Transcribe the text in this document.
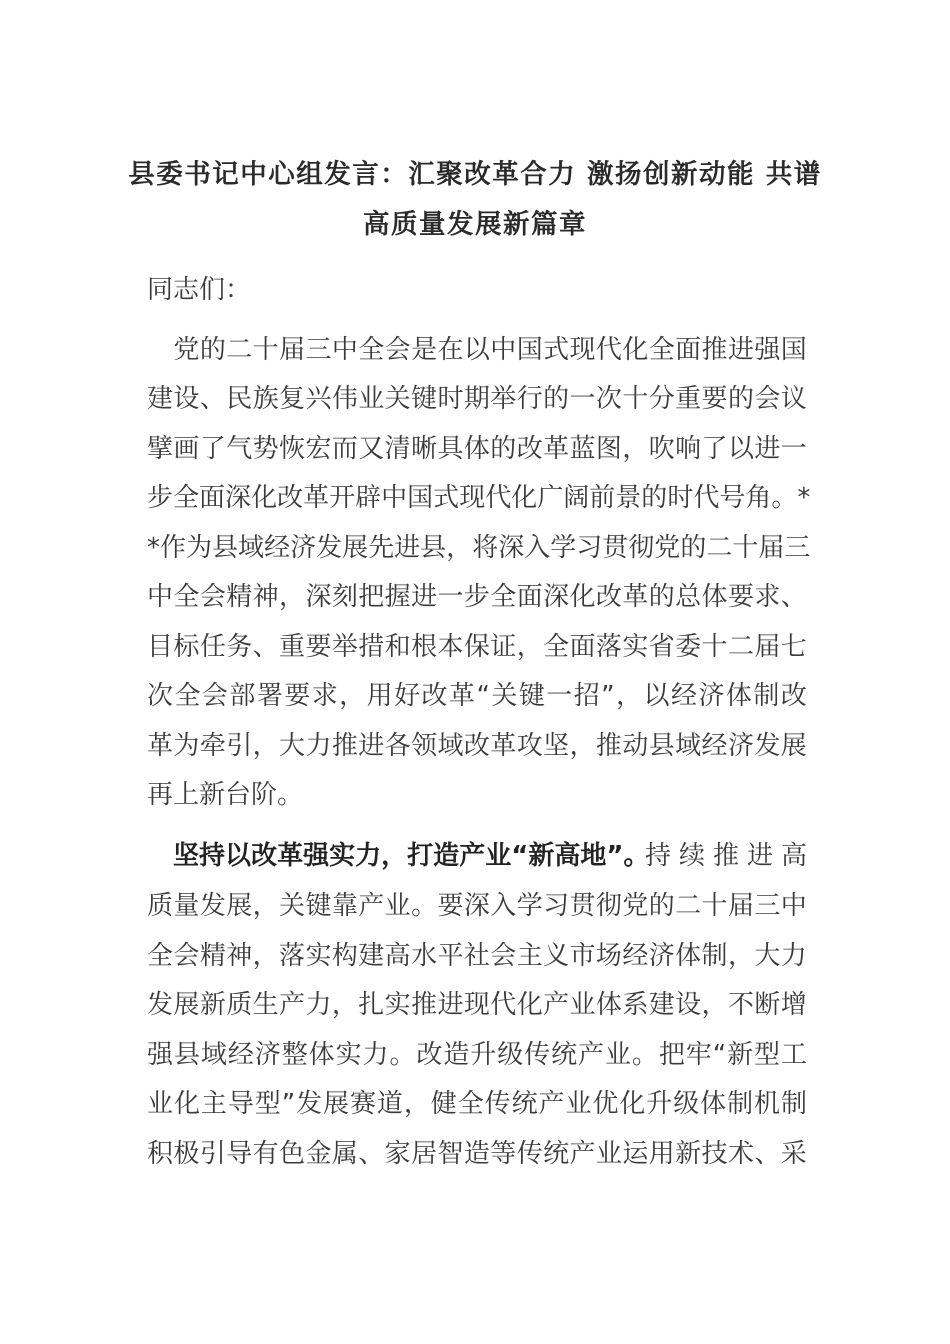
县委书记中心组发言：汇聚改革合力 激扬创新动能 共谱
高质量发展新篇章
同志们：

党 的 二 十 届 三 中 全 会 是 在 以 中 国 式 现 代 化 全 面 推 进 强 国
建 设 、 民 族 复 兴 伟 业 关 键 时 期 举 行 的 一 次 十 分 重 要 的 会 议
擘 画 了 气 势 恢 宏 而 又 清 晰 具 体 的 改 革 蓝 图 ， 吹 响 了 以 进 一
步 全 面 深 化 改 革 开 辟 中 国 式 现 代 化 广 阔 前 景 的 时 代 号 角 。 *
* 作 为 县 域 经 济 发 展 先 进 县 ， 将 深 入 学 习 贯 彻 党 的 二 十 届 三
中 全 会 精 神 ， 深 刻 把 握 进 一 步 全 面 深 化 改 革 的 总 体 要 求 、
目 标 任 务 、 重 要 举 措 和 根 本 保 证 ， 全 面 落 实 省 委 十 二 届 七
次 全 会 部 署 要 求 ， 用 好 改 革 “ 关 键 一 招 ” ， 以 经 济 体 制 改
革 为 牵 引 ， 大 力 推 进 各 领 域 改 革 攻 坚 ， 推 动 县 域 经 济 发 展
再上新台阶。

坚 持 以 改 革 强 实 力 ， 打 造 产 业 “ 新 高 地 ” 。
持 续 推 进 高
质 量 发 展 ， 关 键 靠 产 业 。 要 深 入 学 习 贯 彻 党 的 二 十 届 三 中
全 会 精 神 ， 落 实 构 建 高 水 平 社 会 主 义 市 场 经 济 体 制 ， 大 力
发 展 新 质 生 产 力 ， 扎 实 推 进 现 代 化 产 业 体 系 建 设 ， 不 断 增
强 县 域 经 济 整 体 实 力 。 改 造 升 级 传 统 产 业 。 把 牢 “ 新 型 工
业 化 主 导 型 ” 发 展 赛 道 ， 健 全 传 统 产 业 优 化 升 级 体 制 机 制
积 极 引 导 有 色 金 属 、 家 居 智 造 等 传 统 产 业 运 用 新 技 术 、 采
